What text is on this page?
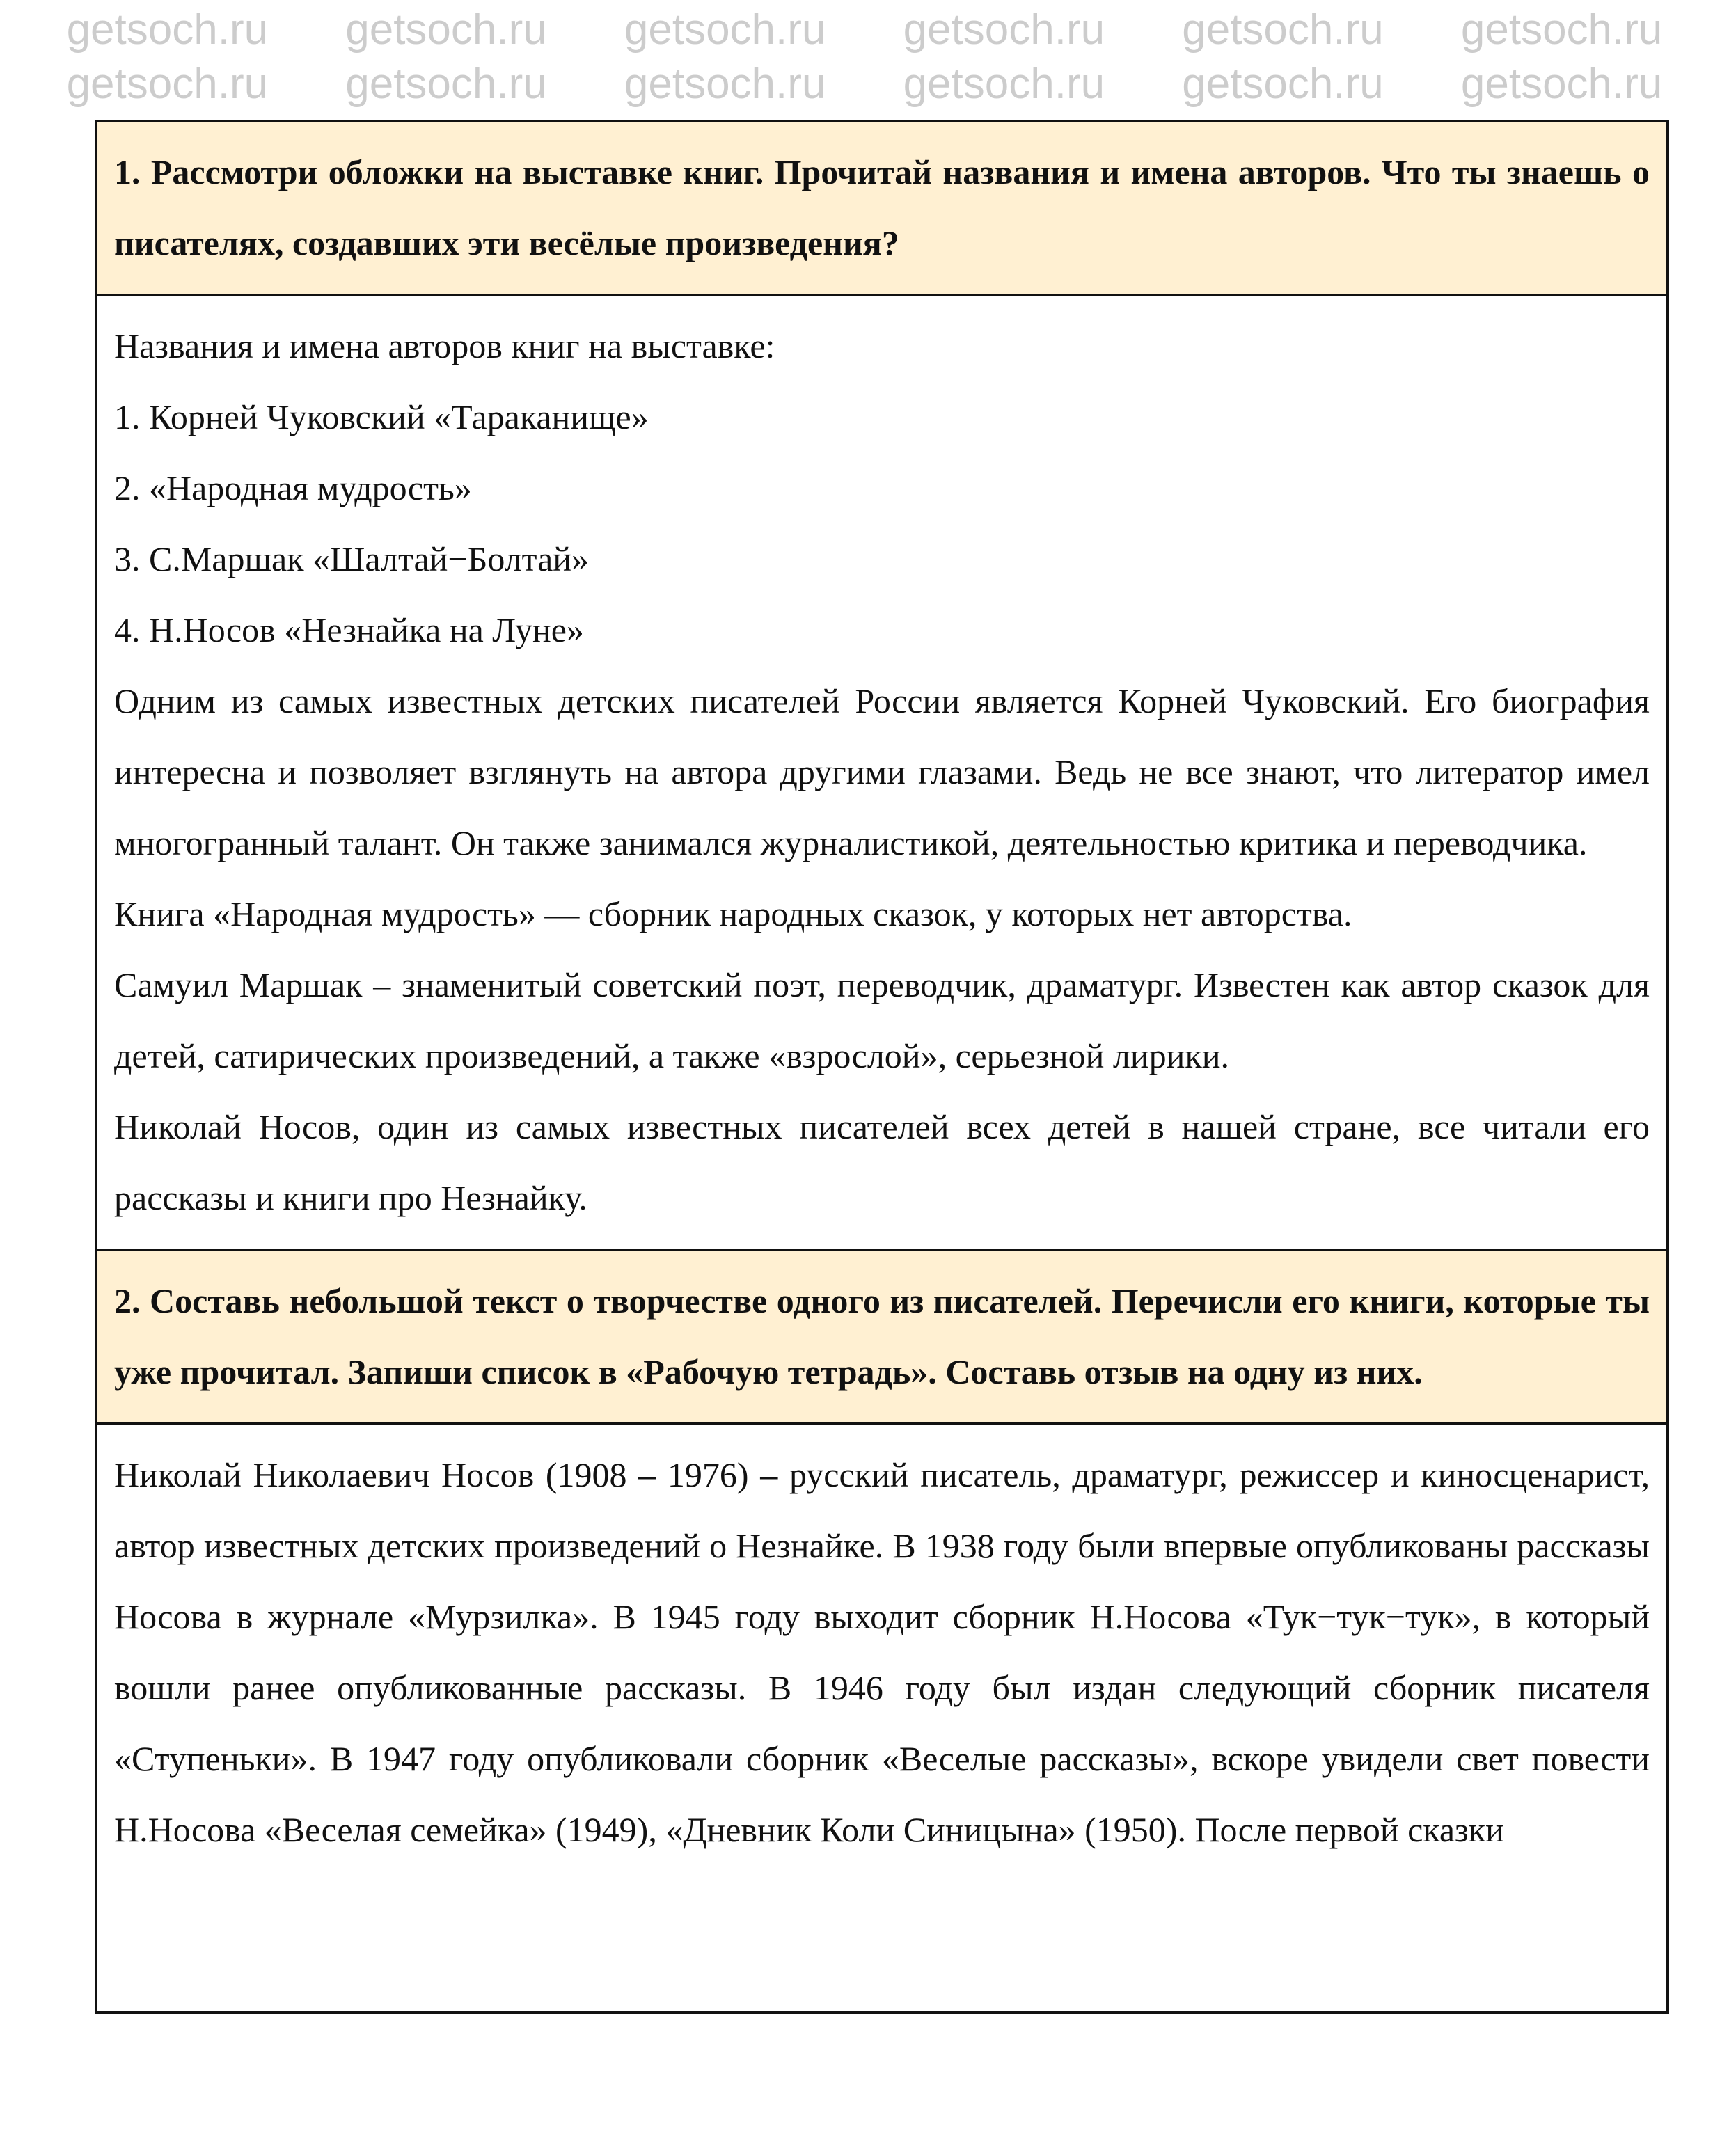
getsoch.ru getsoch.ru getsoch.ru getsoch.ru getsoch.ru getsoch.ru
getsoch.ru getsoch.ru getsoch.ru getsoch.ru getsoch.ru getsoch.ru

1. Рассмотри обложки на выставке книг. Прочитай названия и имена авторов. Что ты знаешь о писателях, создавших эти весёлые произведения?

Названия и имена авторов книг на выставке:

1. Корней Чуковский «Тараканище»

2. «Народная мудрость»

3. С.Маршак «Шалтай−Болтай»

4. Н.Носов «Незнайка на Луне»

Одним из самых известных детских писателей России является Корней Чуковский. Его биография интересна и позволяет взглянуть на автора другими глазами. Ведь не все знают, что литератор имел многогранный талант. Он также занимался журналистикой, деятельностью критика и переводчика.

Книга «Народная мудрость» — сборник народных сказок, у которых нет авторства.

Самуил Маршак – знаменитый советский поэт, переводчик, драматург. Известен как автор сказок для детей, сатирических произведений, а также «взрослой», серьезной лирики.

Николай Носов, один из самых известных писателей всех детей в нашей стране, все читали его рассказы и книги про Незнайку.

2. Составь небольшой текст о творчестве одного из писателей. Перечисли его книги, которые ты уже прочитал. Запиши список в «Рабочую тетрадь». Составь отзыв на одну из них.

Николай Николаевич Носов (1908 – 1976) – русский писатель, драматург, режиссер и киносценарист, автор известных детских произведений о Незнайке. В 1938 году были впервые опубликованы рассказы Носова в журнале «Мурзилка». В 1945 году выходит сборник Н.Носова «Тук−тук−тук», в который вошли ранее опубликованные рассказы. В 1946 году был издан следующий сборник писателя «Ступеньки». В 1947 году опубликовали сборник «Веселые рассказы», вскоре увидели свет повести Н.Носова «Веселая семейка» (1949), «Дневник Коли Синицына» (1950). После первой сказки
